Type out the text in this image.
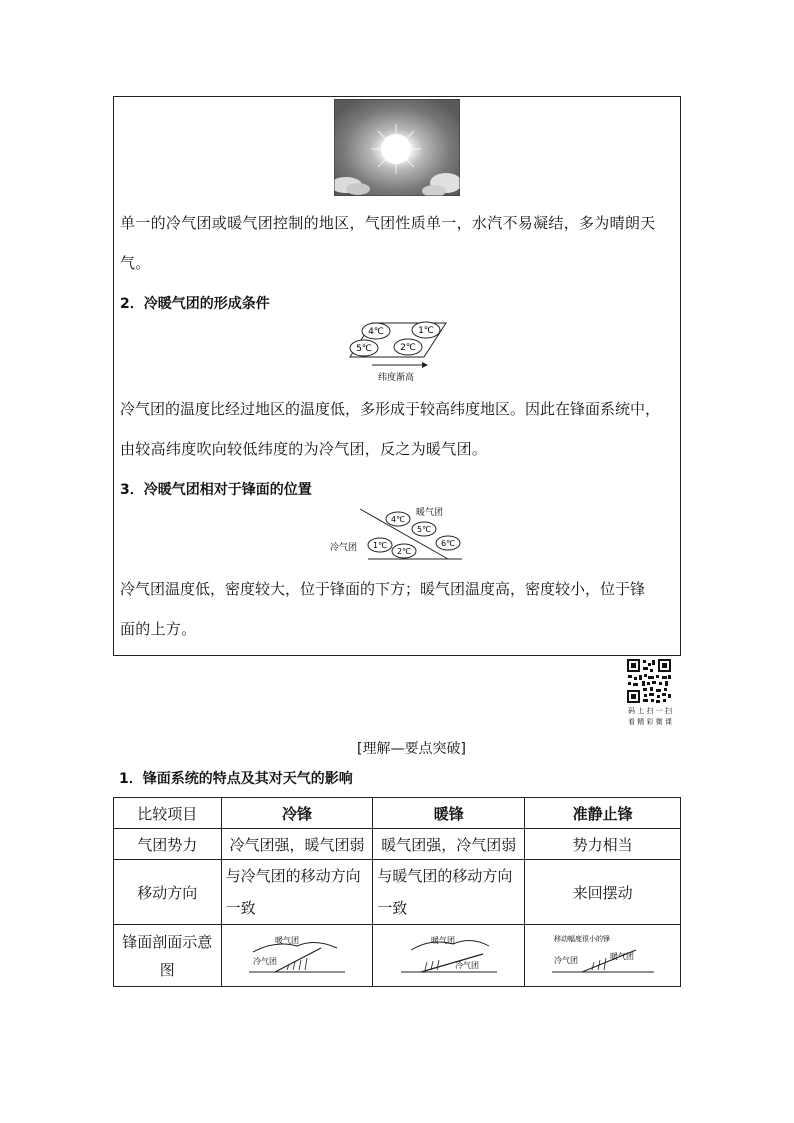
单一的冷气团或暖气团控制的地区，气团性质单一，水汽不易凝结，多为晴朗天
气。
2．冷暖气团的形成条件
4℃	1℃
5℃	2℃
纬度渐高
冷气团的温度比经过地区的温度低，多形成于较高纬度地区。因此在锋面系统中，
由较高纬度吹向较低纬度的为冷气团，反之为暖气团。
3．冷暖气团相对于锋面的位置
暖气团
冷气团
4℃
5℃
6℃
1℃
2℃
冷气团温度低，密度较大，位于锋面的下方；暖气团温度高，密度较小，位于锋
面的上方。
码 上 扫 一 扫
看 精 彩 微 课
[理解—要点突破]
1．锋面系统的特点及其对天气的影响
比较项目	冷锋	暖锋	准静止锋
气团势力	冷气团强，暖气团弱	暖气团强，冷气团弱	势力相当
移动方向	与冷气团的移动方向一致	与暖气团的移动方向一致	来回摆动
锋面剖面示意图	暖气团
冷气团	暖气团
冷气团	移动幅度很小的锋
冷气团 暖气团
